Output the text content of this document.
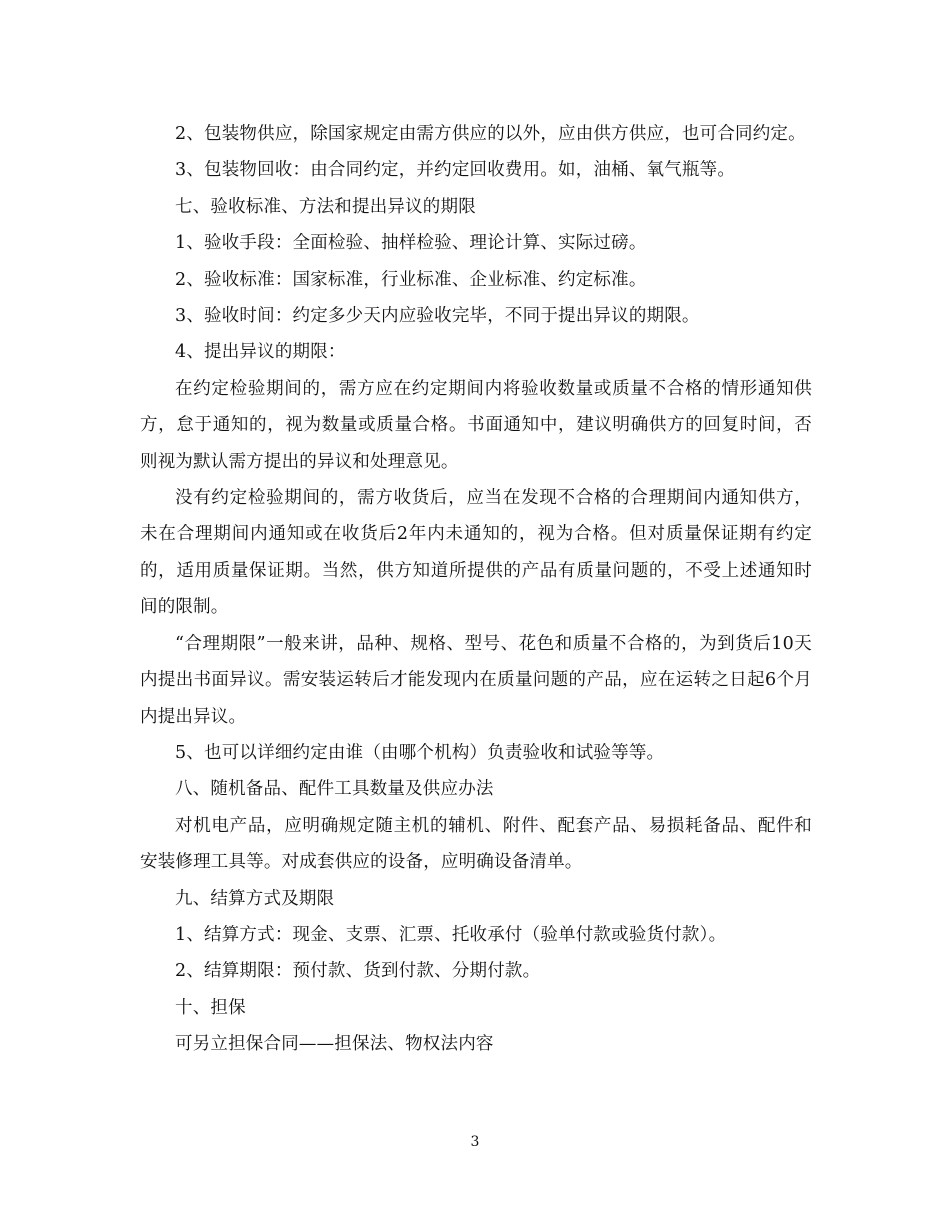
2、包装物供应，除国家规定由需方供应的以外，应由供方供应，也可合同约定。

3、包装物回收：由合同约定，并约定回收费用。如，油桶、氧气瓶等。

七、验收标准、方法和提出异议的期限

1、验收手段：全面检验、抽样检验、理论计算、实际过磅。

2、验收标准：国家标准，行业标准、企业标准、约定标准。

3、验收时间：约定多少天内应验收完毕，不同于提出异议的期限。

4、提出异议的期限：

在约定检验期间的，需方应在约定期间内将验收数量或质量不合格的情形通知供方，怠于通知的，视为数量或质量合格。书面通知中，建议明确供方的回复时间，否则视为默认需方提出的异议和处理意见。

没有约定检验期间的，需方收货后，应当在发现不合格的合理期间内通知供方，未在合理期间内通知或在收货后2年内未通知的，视为合格。但对质量保证期有约定的，适用质量保证期。当然，供方知道所提供的产品有质量问题的，不受上述通知时间的限制。

“合理期限”一般来讲，品种、规格、型号、花色和质量不合格的，为到货后10天内提出书面异议。需安装运转后才能发现内在质量问题的产品，应在运转之日起6个月内提出异议。

5、也可以详细约定由谁（由哪个机构）负责验收和试验等等。

八、随机备品、配件工具数量及供应办法

对机电产品，应明确规定随主机的辅机、附件、配套产品、易损耗备品、配件和安装修理工具等。对成套供应的设备，应明确设备清单。

九、结算方式及期限

1、结算方式：现金、支票、汇票、托收承付（验单付款或验货付款）。

2、结算期限：预付款、货到付款、分期付款。

十、担保

可另立担保合同——担保法、物权法内容

3
